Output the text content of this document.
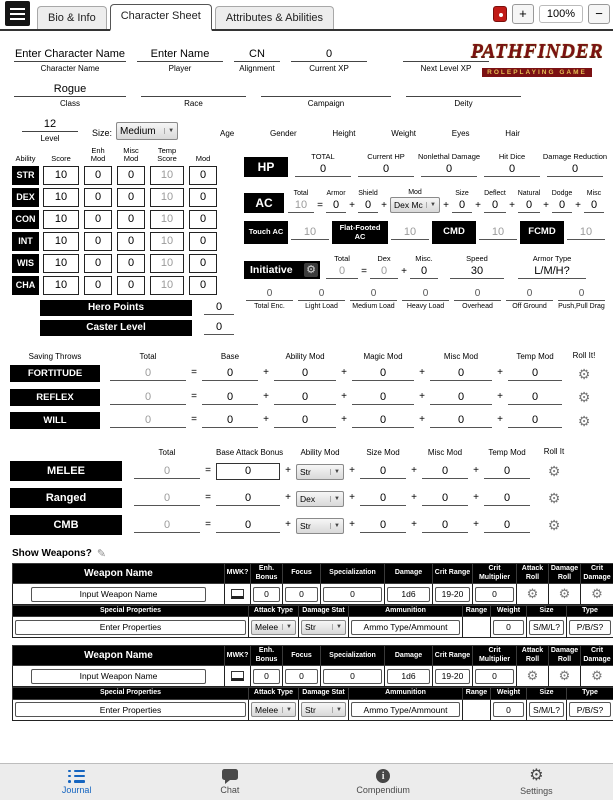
Bio & Info	Character Sheet	Attributes & Abilities	+	100%	−
PATHFINDER
ROLEPLAYING GAME
Enter Character Name
Character Name
Enter Name
Player
CN
Alignment
0
Current XP	Next Level XP
Rogue
Class	Race	Campaign	Deity
12
Level
Size: Medium	▼	Age	Gender	Height	Weight	Eyes	Hair
Ability	Score
Enh Mod
Misc Mod
Temp Score	Mod
STR	10	0	0	10	0
DEX	10	0	0	10	0
CON	10	0	0	10	0
INT	10	0	0	10	0
WIS	10	0	0	10	0
CHA	10	0	0	10	0
Hero Points	0
Caster Level	0

HP
TOTAL
0
Current HP
0
Nonlethal Damage
0
Hit Dice
0
Damage Reduction
0

AC
Total
10 =
Armor
0	+
Shield
0	+
Mod
Dex Mc	▼ +
Size
0	+
Deflect
0	+
Natural
0	+
Dodge
0	+
Misc
0
Touch AC	10	Flat-Footed AC	10	CMD	10	FCMD	10

Initiative ⚙
Total
0	=
Dex
0	+
Misc.
0
Speed
30
Armor Type
L/M/H?
0
Total Enc.
0
Light Load
0
Medium Load
0
Heavy Load
0
Overhead
0
Off Ground
0
Push,Pull Drag
Saving Throws	Total	Base	Ability Mod	Magic Mod	Misc Mod	Temp Mod	Roll It!
FORTITUDE	0	=	0	+	0	+	0	+	0	+	0	⚙
REFLEX	0	=	0	+	0	+	0	+	0	+	0	⚙
WILL	0	=	0	+	0	+	0	+	0	+	0	⚙
Total	Base Attack Bonus	Ability Mod	Size Mod	Misc Mod	Temp Mod	Roll It
MELEE	0	=	0	+	Str	▼ +	0	+	0	+	0	⚙
Ranged	0	=	0	+	Dex	▼ +	0	+	0	+	0	⚙
CMB	0	=	0	+	Str	▼ +	0	+	0	+	0	⚙
Show Weapons? ✎
Weapon Name	MWK?	Enh. Bonus	Focus	Specialization	Damage	Crit Range	Crit Multiplier	Attack Roll	Damage Roll	Crit Damage

Input Weapon Name		0	0	0	1d6	19-20	0	⚙	⚙	⚙
Special Properties	Attack Type	Damage Stat	Ammunition	Range	Weight	Size	Type

Enter Properties	Melee ▼	Str ▼	Ammo Type/Ammount		0	S/M/L?	P/B/S?
Weapon Name	MWK?	Enh. Bonus	Focus	Specialization	Damage	Crit Range	Crit Multiplier	Attack Roll	Damage Roll	Crit Damage

Input Weapon Name		0	0	0	1d6	19-20	0	⚙	⚙	⚙
Special Properties	Attack Type	Damage Stat	Ammunition	Range	Weight	Size	Type

Enter Properties	Melee ▼	Str ▼	Ammo Type/Ammount		0	S/M/L?	P/B/S?
Journal	Chat
i
Compendium
⚙
Settings
